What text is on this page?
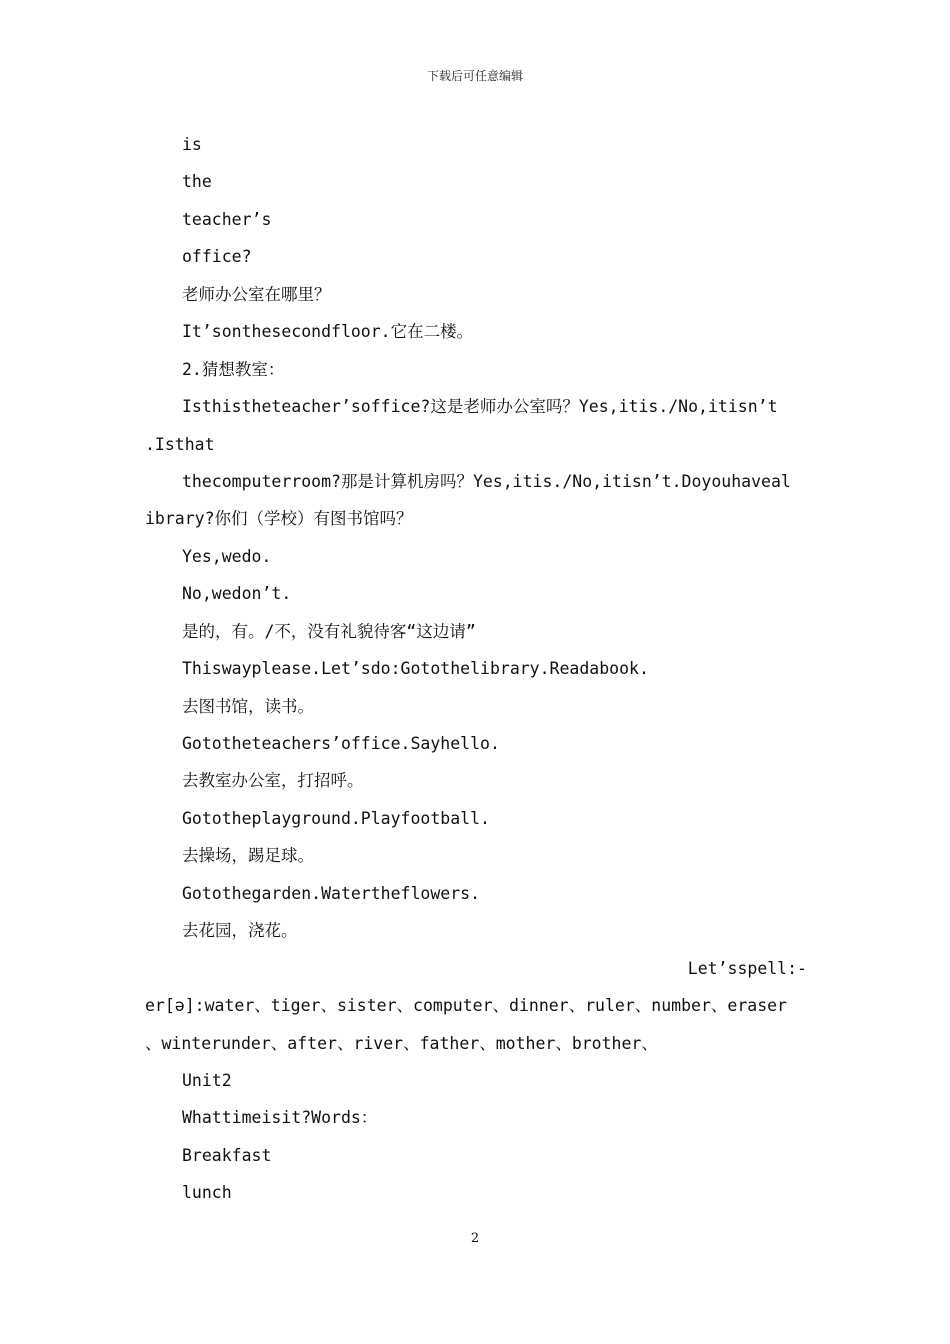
下载后可任意编辑
is
the
teacher’s
office?
老师办公室在哪里？
It’sonthesecondfloor.它在二楼。
2.猜想教室：
Isthistheteacher’soffice?这是老师办公室吗？Yes,itis./No,itisn’t
.Isthat
thecomputerroom?那是计算机房吗？Yes,itis./No,itisn’t.Doyouhaveal
ibrary?你们（学校）有图书馆吗？
Yes,wedo.
No,wedon’t.
是的，有。/不，没有礼貌待客“这边请”
Thiswayplease.Let’sdo:Gotothelibrary.Readabook.
去图书馆，读书。
Gototheteachers’office.Sayhello.
去教室办公室，打招呼。
Gototheplayground.Playfootball.
去操场，踢足球。
Gotothegarden.Watertheflowers.
去花园，浇花。
Let’sspell:-
er[ə]:water、tiger、sister、computer、dinner、ruler、number、eraser
、winterunder、after、river、father、mother、brother、
Unit2
Whattimeisit?Words：
Breakfast
lunch
2
